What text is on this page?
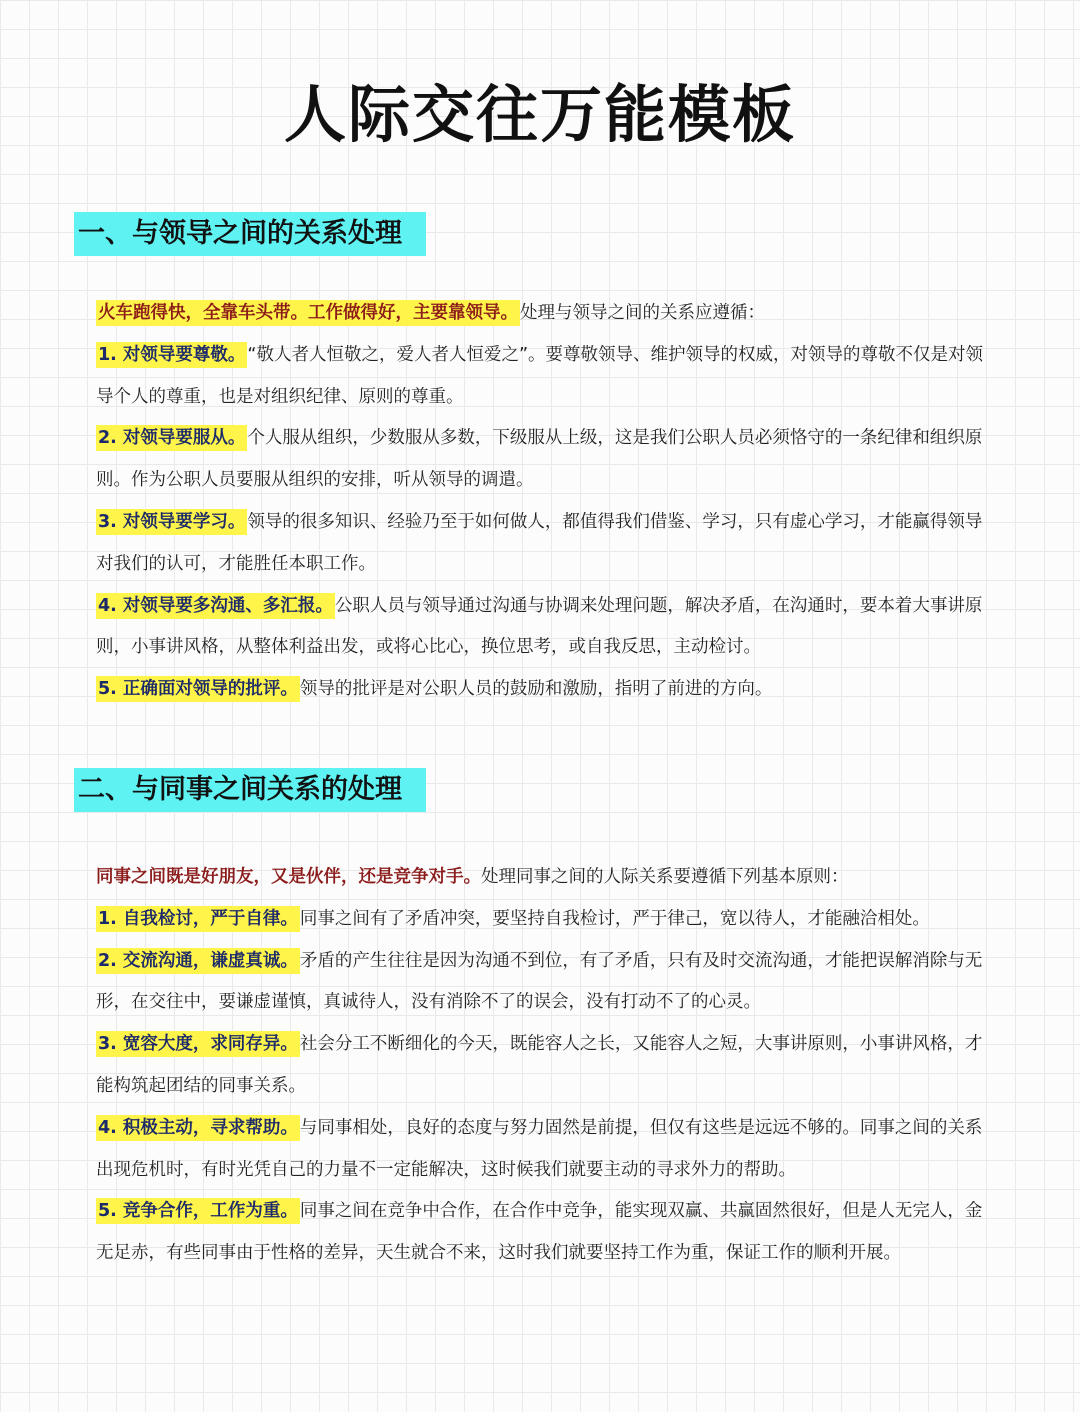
人际交往万能模板
一、与领导之间的关系处理

火车跑得快，全靠车头带。工作做得好，主要靠领导。 处理与领导之间的关系应遵循：

1. 对领导要尊敬。 “敬人者人恒敬之，爱人者人恒爱之”。要尊敬领导、维护领导的权威，对领导的尊敬不仅是对领导个人的尊重，也是对组织纪律、原则的尊重。

2. 对领导要服从。 个人服从组织，少数服从多数，下级服从上级，这是我们公职人员必须恪守的一条纪律和组织原则。作为公职人员要服从组织的安排，听从领导的调遣。

3. 对领导要学习。 领导的很多知识、经验乃至于如何做人，都值得我们借鉴、学习，只有虚心学习，才能赢得领导对我们的认可，才能胜任本职工作。

4. 对领导要多沟通、多汇报。 公职人员与领导通过沟通与协调来处理问题，解决矛盾，在沟通时，要本着大事讲原则，小事讲风格，从整体利益出发，或将心比心，换位思考，或自我反思，主动检讨。

5. 正确面对领导的批评。 领导的批评是对公职人员的鼓励和激励，指明了前进的方向。

二、与同事之间关系的处理

同事之间既是好朋友，又是伙伴，还是竞争对手。处理同事之间的人际关系要遵循下列基本原则：

1. 自我检讨，严于自律。 同事之间有了矛盾冲突，要坚持自我检讨，严于律己，宽以待人，才能融洽相处。

2. 交流沟通，谦虚真诚。 矛盾的产生往往是因为沟通不到位，有了矛盾，只有及时交流沟通，才能把误解消除与无形，在交往中，要谦虚谨慎，真诚待人，没有消除不了的误会，没有打动不了的心灵。

3. 宽容大度，求同存异。 社会分工不断细化的今天，既能容人之长，又能容人之短，大事讲原则，小事讲风格，才能构筑起团结的同事关系。

4. 积极主动，寻求帮助。 与同事相处，良好的态度与努力固然是前提，但仅有这些是远远不够的。同事之间的关系出现危机时，有时光凭自己的力量不一定能解决，这时候我们就要主动的寻求外力的帮助。

5. 竞争合作，工作为重。 同事之间在竞争中合作，在合作中竞争，能实现双赢、共赢固然很好，但是人无完人，金无足赤，有些同事由于性格的差异，天生就合不来，这时我们就要坚持工作为重，保证工作的顺利开展。
